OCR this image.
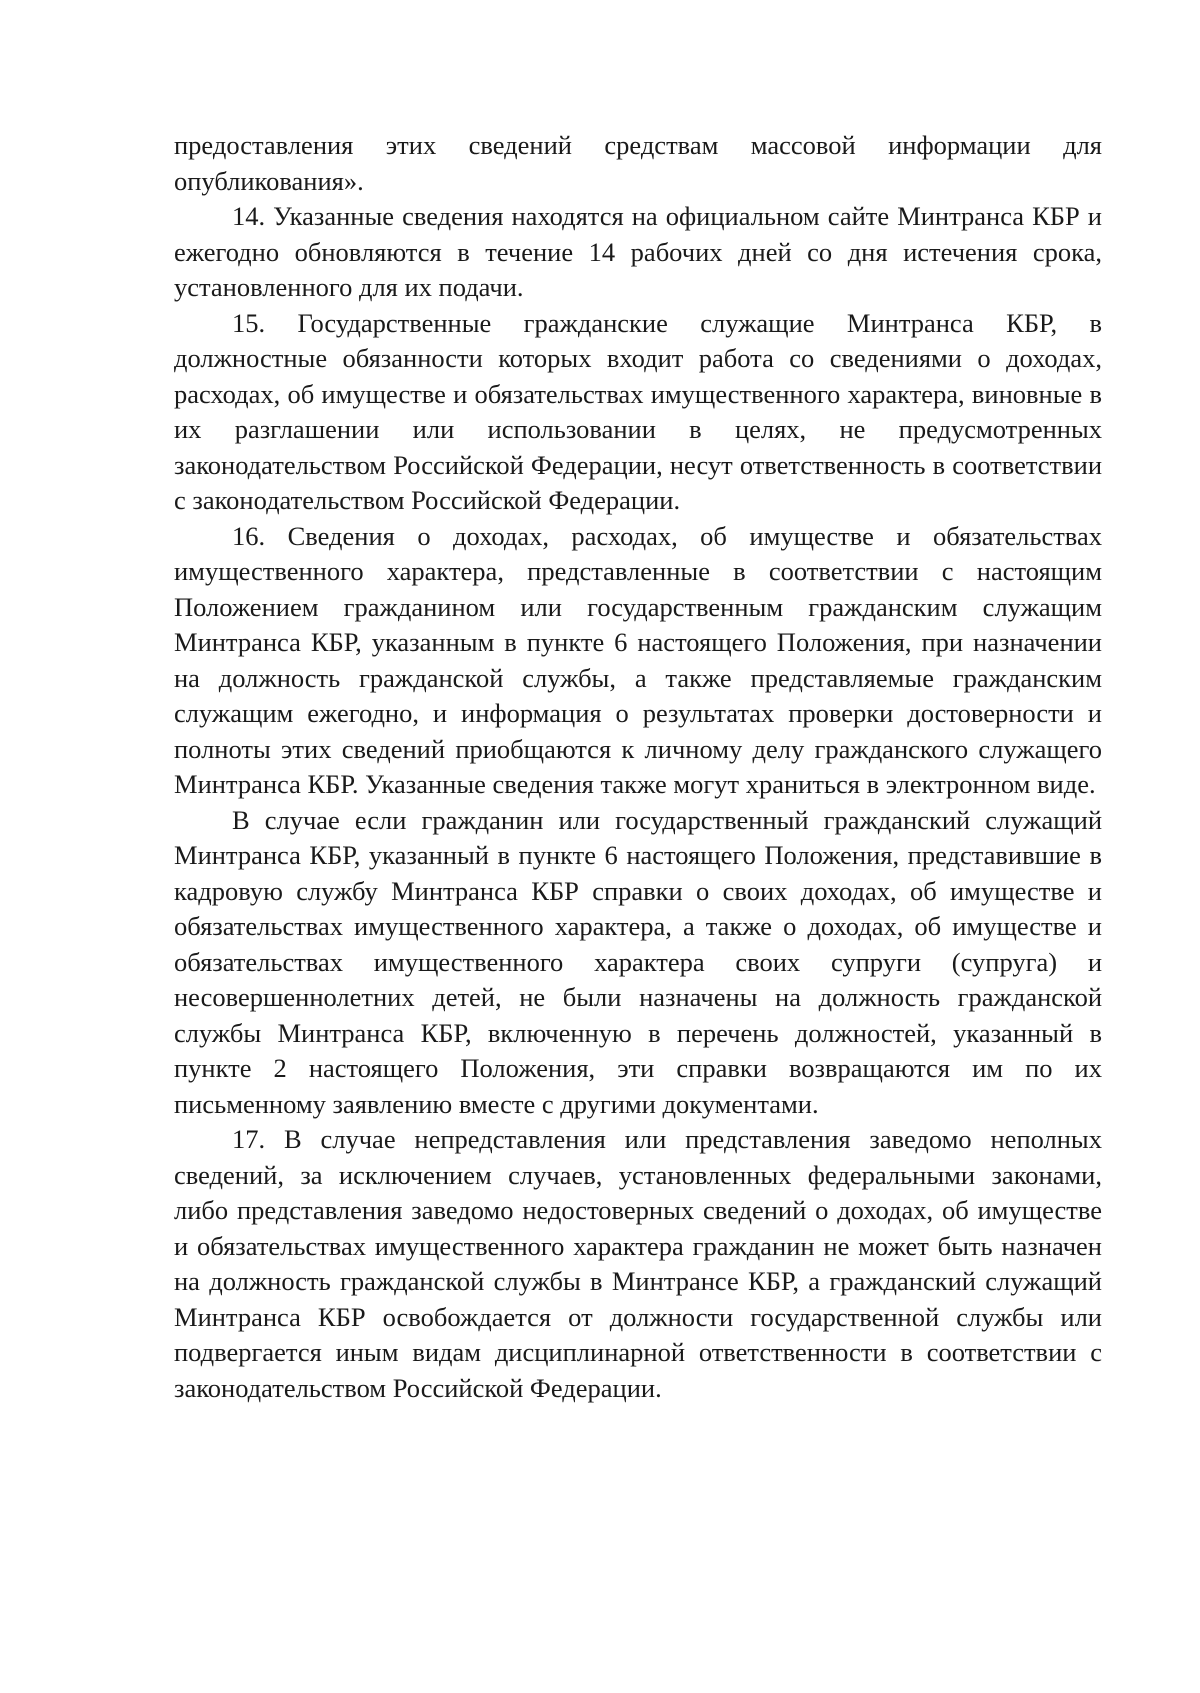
предоставления этих сведений средствам массовой информации для опубликования».

14. Указанные сведения находятся на официальном сайте Минтранса КБР и ежегодно обновляются в течение 14 рабочих дней со дня истечения срока, установленного для их подачи.

15. Государственные гражданские служащие Минтранса КБР, в должностные обязанности которых входит работа со сведениями о доходах, расходах, об имуществе и обязательствах имущественного характера, виновные в их разглашении или использовании в целях, не предусмотренных законодательством Российской Федерации, несут ответственность в соответствии с законодательством Российской Федерации.

16. Сведения о доходах, расходах, об имуществе и обязательствах имущественного характера, представленные в соответствии с настоящим Положением гражданином или государственным гражданским служащим Минтранса КБР, указанным в пункте 6 настоящего Положения, при назначении на должность гражданской службы, а также представляемые гражданским служащим ежегодно, и информация о результатах проверки достоверности и полноты этих сведений приобщаются к личному делу гражданского служащего Минтранса КБР. Указанные сведения также могут храниться в электронном виде.

В случае если гражданин или государственный гражданский служащий Минтранса КБР, указанный в пункте 6 настоящего Положения, представившие в кадровую службу Минтранса КБР справки о своих доходах, об имуществе и обязательствах имущественного характера, а также о доходах, об имуществе и обязательствах имущественного характера своих супруги (супруга) и несовершеннолетних детей, не были назначены на должность гражданской службы Минтранса КБР, включенную в перечень должностей, указанный в пункте 2 настоящего Положения, эти справки возвращаются им по их письменному заявлению вместе с другими документами.

17. В случае непредставления или представления заведомо неполных сведений, за исключением случаев, установленных федеральными законами, либо представления заведомо недостоверных сведений о доходах, об имуществе и обязательствах имущественного характера гражданин не может быть назначен на должность гражданской службы в Минтрансе КБР, а гражданский служащий Минтранса КБР освобождается от должности государственной службы или подвергается иным видам дисциплинарной ответственности в соответствии с законодательством Российской Федерации.
